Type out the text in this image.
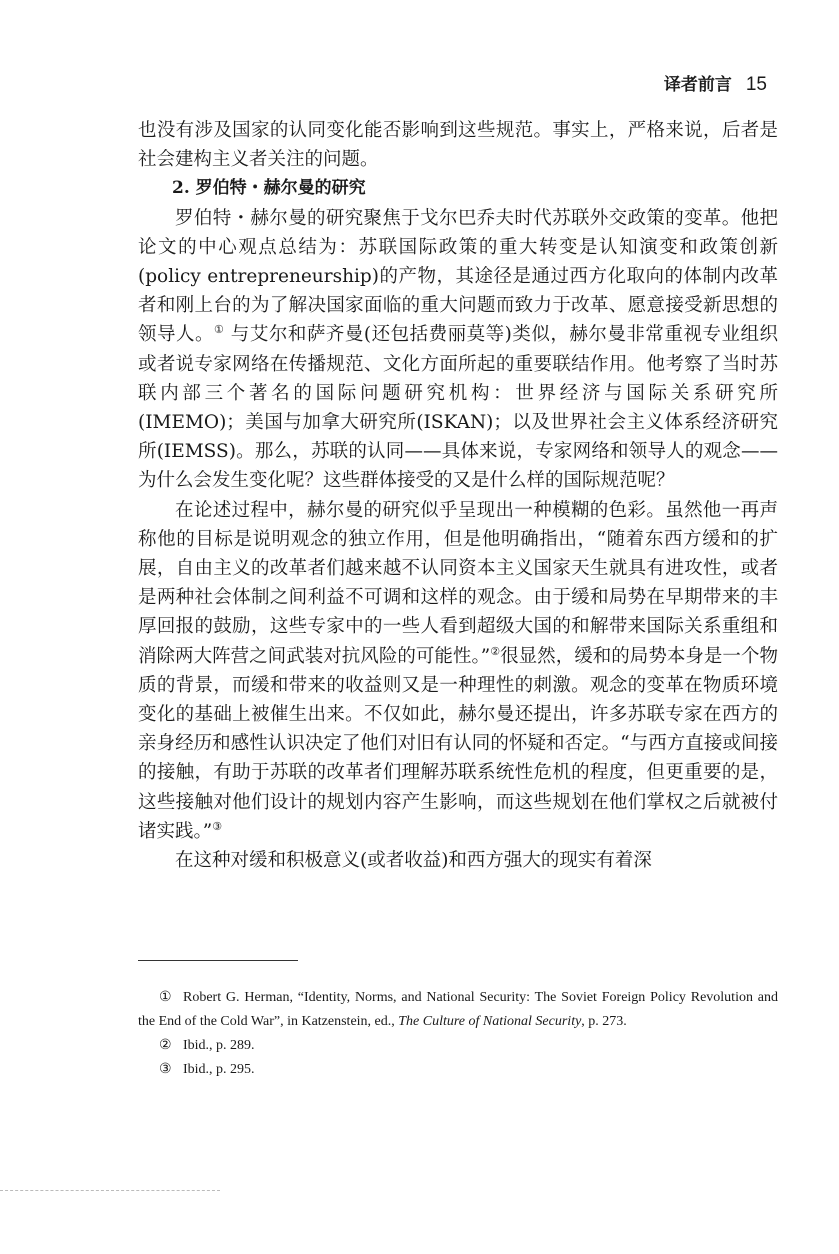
译者前言 15

也没有涉及国家的认同变化能否影响到这些规范。事实上，严格来说，后者是社会建构主义者关注的问题。

2. 罗伯特・赫尔曼的研究

罗伯特・赫尔曼的研究聚焦于戈尔巴乔夫时代苏联外交政策的变革。他把论文的中心观点总结为：苏联国际政策的重大转变是认知演变和政策创新(policy entrepreneurship)的产物，其途径是通过西方化取向的体制内改革者和刚上台的为了解决国家面临的重大问题而致力于改革、愿意接受新思想的领导人。① 与艾尔和萨齐曼(还包括费丽莫等)类似，赫尔曼非常重视专业组织或者说专家网络在传播规范、文化方面所起的重要联结作用。他考察了当时苏联内部三个著名的国际问题研究机构：世界经济与国际关系研究所(IMEMO)；美国与加拿大研究所(ISKAN)；以及世界社会主义体系经济研究所(IEMSS)。那么，苏联的认同——具体来说，专家网络和领导人的观念——为什么会发生变化呢？这些群体接受的又是什么样的国际规范呢？

在论述过程中，赫尔曼的研究似乎呈现出一种模糊的色彩。虽然他一再声称他的目标是说明观念的独立作用，但是他明确指出，“随着东西方缓和的扩展，自由主义的改革者们越来越不认同资本主义国家天生就具有进攻性，或者是两种社会体制之间利益不可调和这样的观念。由于缓和局势在早期带来的丰厚回报的鼓励，这些专家中的一些人看到超级大国的和解带来国际关系重组和消除两大阵营之间武装对抗风险的可能性。”②很显然，缓和的局势本身是一个物质的背景，而缓和带来的收益则又是一种理性的刺激。观念的变革在物质环境变化的基础上被催生出来。不仅如此，赫尔曼还提出，许多苏联专家在西方的亲身经历和感性认识决定了他们对旧有认同的怀疑和否定。“与西方直接或间接的接触，有助于苏联的改革者们理解苏联系统性危机的程度，但更重要的是，这些接触对他们设计的规划内容产生影响，而这些规划在他们掌权之后就被付诸实践。”③

在这种对缓和积极意义(或者收益)和西方强大的现实有着深

① Robert G. Herman, “Identity, Norms, and National Security: The Soviet Foreign Policy Revolution and the End of the Cold War”, in Katzenstein, ed., The Culture of National Security, p. 273.

② Ibid., p. 289.

③ Ibid., p. 295.
